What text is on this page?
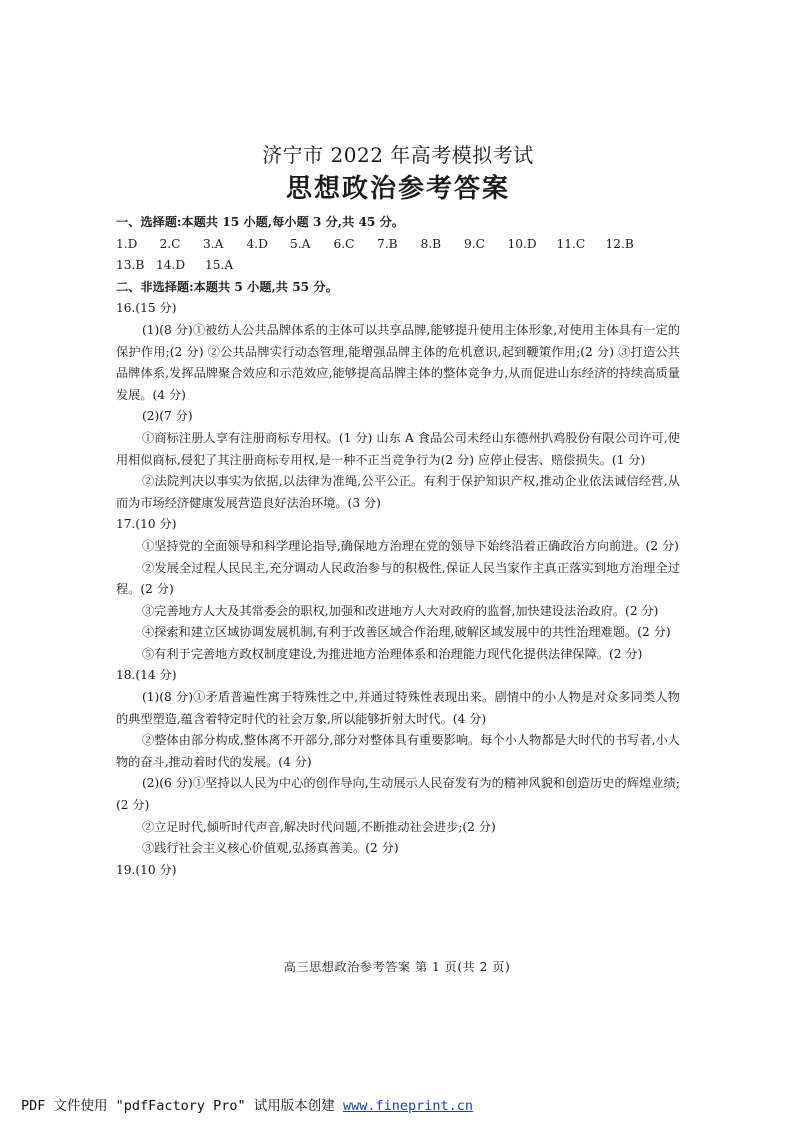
济宁市 2022 年高考模拟考试
思想政治参考答案
一、选择题:本题共 15 小题,每小题 3 分,共 45 分。
1.D	2.C	3.A	4.D	5.A	6.C	7.B	8.B	9.C	10.D	11.C	12.B
13.B 14.D	15.A
二、非选择题:本题共 5 小题,共 55 分。
16.(15 分)
(1)(8 分)①被纺人公共品牌体系的主体可以共享品牌,能够提升使用主体形象,对使用主体具有一定的保护作用;(2 分) ②公共品牌实行动态管理,能增强品牌主体的危机意识,起到鞭策作用;(2 分) ③打造公共品牌体系,发挥品牌聚合效应和示范效应,能够提高品牌主体的整体竞争力,从而促进山东经济的持续高质量发展。(4 分)
(2)(7 分)
①商标注册人享有注册商标专用权。(1 分) 山东 A 食品公司未经山东德州扒鸡股份有限公司许可,使用相似商标,侵犯了其注册商标专用权,是一种不正当竞争行为(2 分) 应停止侵害、赔偿损失。(1 分)
②法院判决以事实为依据,以法律为准绳,公平公正。有利于保护知识产权,推动企业依法诚信经营,从而为市场经济健康发展营造良好法治环境。(3 分)
17.(10 分)
①坚持党的全面领导和科学理论指导,确保地方治理在党的领导下始终沿着正确政治方向前进。(2 分)
②发展全过程人民民主,充分调动人民政治参与的积极性,保证人民当家作主真正落实到地方治理全过程。(2 分)
③完善地方人大及其常委会的职权,加强和改进地方人大对政府的监督,加快建设法治政府。(2 分)
④探索和建立区域协调发展机制,有利于改善区域合作治理,破解区域发展中的共性治理难题。(2 分)
⑤有利于完善地方政权制度建设,为推进地方治理体系和治理能力现代化提供法律保障。(2 分)
18.(14 分)
(1)(8 分)①矛盾普遍性寓于特殊性之中,并通过特殊性表现出来。剧情中的小人物是对众多同类人物的典型塑造,蕴含着特定时代的社会万象,所以能够折射大时代。(4 分)
②整体由部分构成,整体离不开部分,部分对整体具有重要影响。每个小人物都是大时代的书写者,小人物的奋斗,推动着时代的发展。(4 分)
(2)(6 分)①坚持以人民为中心的创作导向,生动展示人民奋发有为的精神风貌和创造历史的辉煌业绩;(2 分)
②立足时代,倾听时代声音,解决时代问题,不断推动社会进步;(2 分)
③践行社会主义核心价值观,弘扬真善美。(2 分)
19.(10 分)
高三思想政治参考答案 第 1 页(共 2 页)
PDF 文件使用 "pdfFactory Pro" 试用版本创建 www.fineprint.cn
